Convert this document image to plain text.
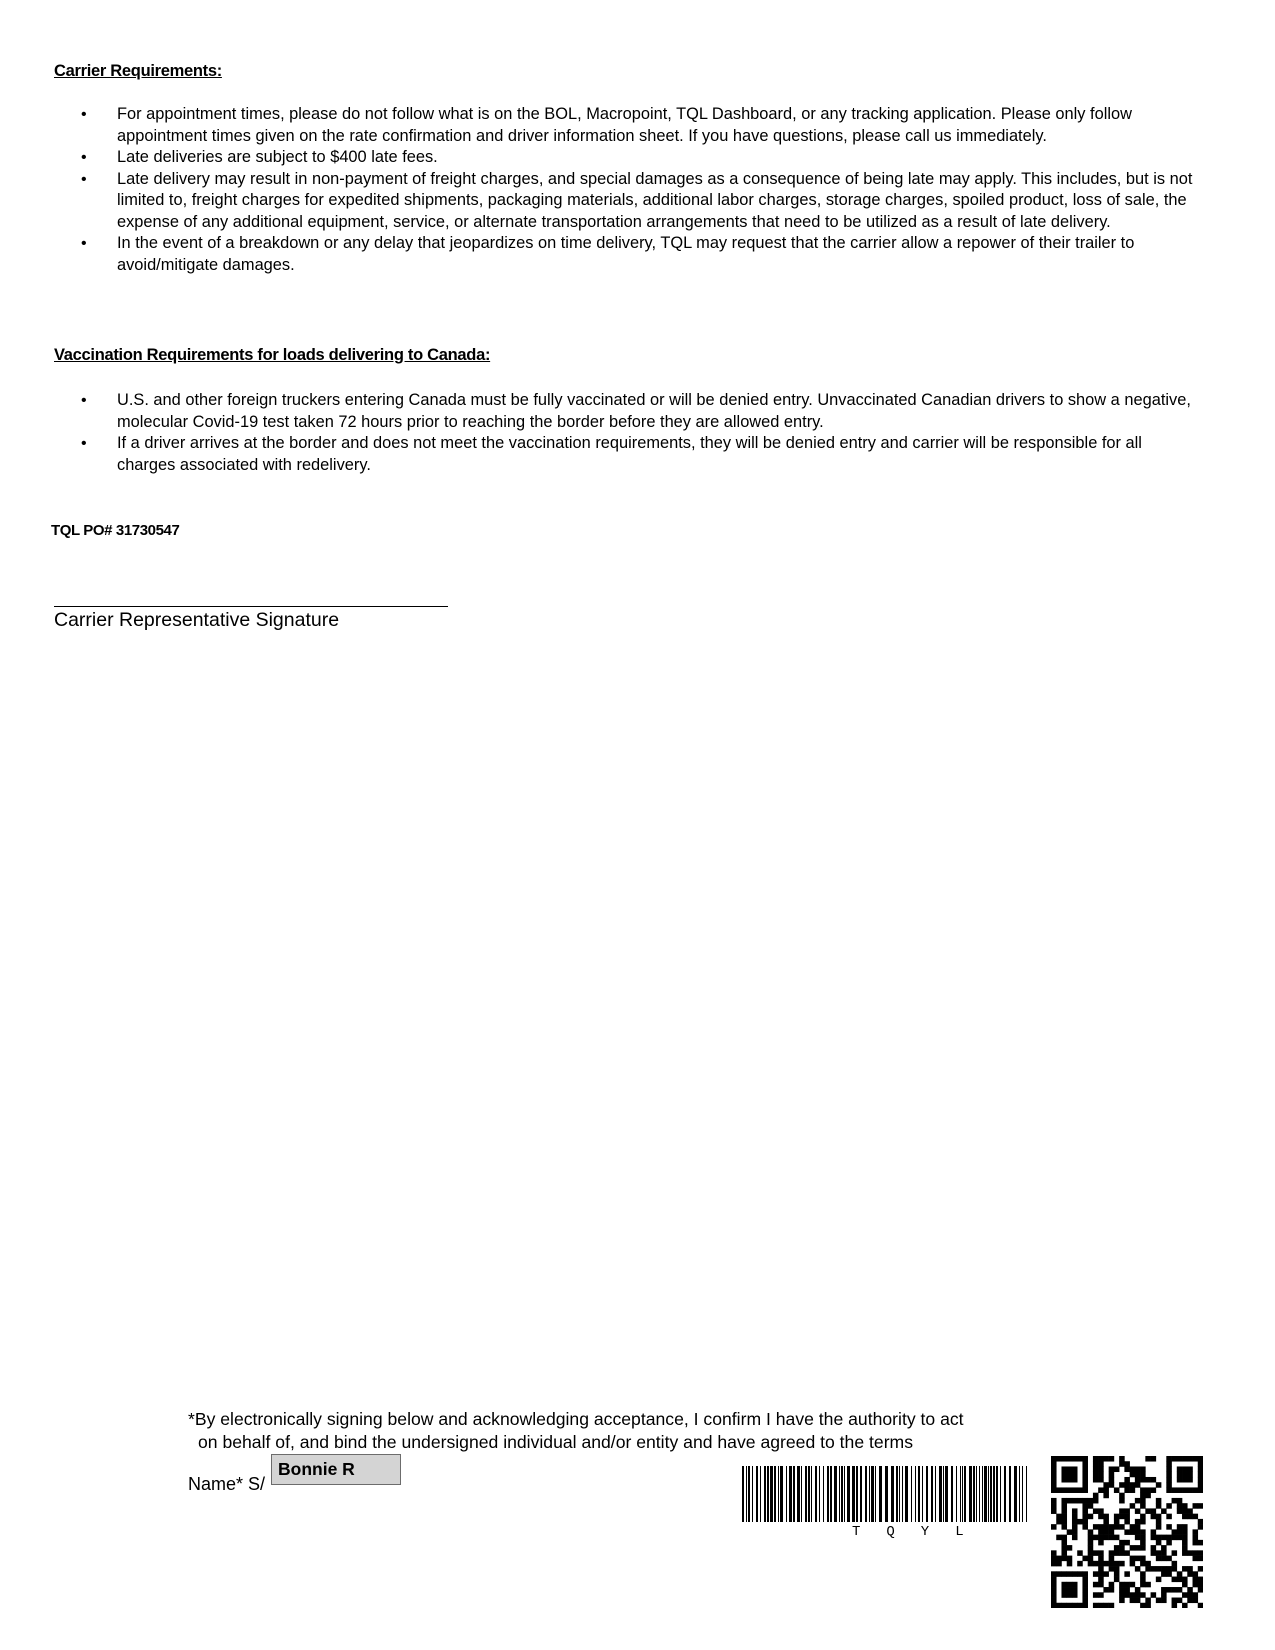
Carrier Requirements:
• For appointment times, please do not follow what is on the BOL, Macropoint, TQL Dashboard, or any tracking application. Please only follow appointment times given on the rate confirmation and driver information sheet. If you have questions, please call us immediately.
• Late deliveries are subject to $400 late fees.
• Late delivery may result in non-payment of freight charges, and special damages as a consequence of being late may apply. This includes, but is not limited to, freight charges for expedited shipments, packaging materials, additional labor charges, storage charges, spoiled product, loss of sale, the expense of any additional equipment, service, or alternate transportation arrangements that need to be utilized as a result of late delivery.
• In the event of a breakdown or any delay that jeopardizes on time delivery, TQL may request that the carrier allow a repower of their trailer to avoid/mitigate damages.
Vaccination Requirements for loads delivering to Canada:
• U.S. and other foreign truckers entering Canada must be fully vaccinated or will be denied entry. Unvaccinated Canadian drivers to show a negative, molecular Covid-19 test taken 72 hours prior to reaching the border before they are allowed entry.
• If a driver arrives at the border and does not meet the vaccination requirements, they will be denied entry and carrier will be responsible for all charges associated with redelivery.
TQL PO# 31730547
Carrier Representative Signature
*By electronically signing below and acknowledging acceptance, I confirm I have the authority to act
on behalf of, and bind the undersigned individual and/or entity and have agreed to the terms
Name* S/
Bonnie R
TQYL
